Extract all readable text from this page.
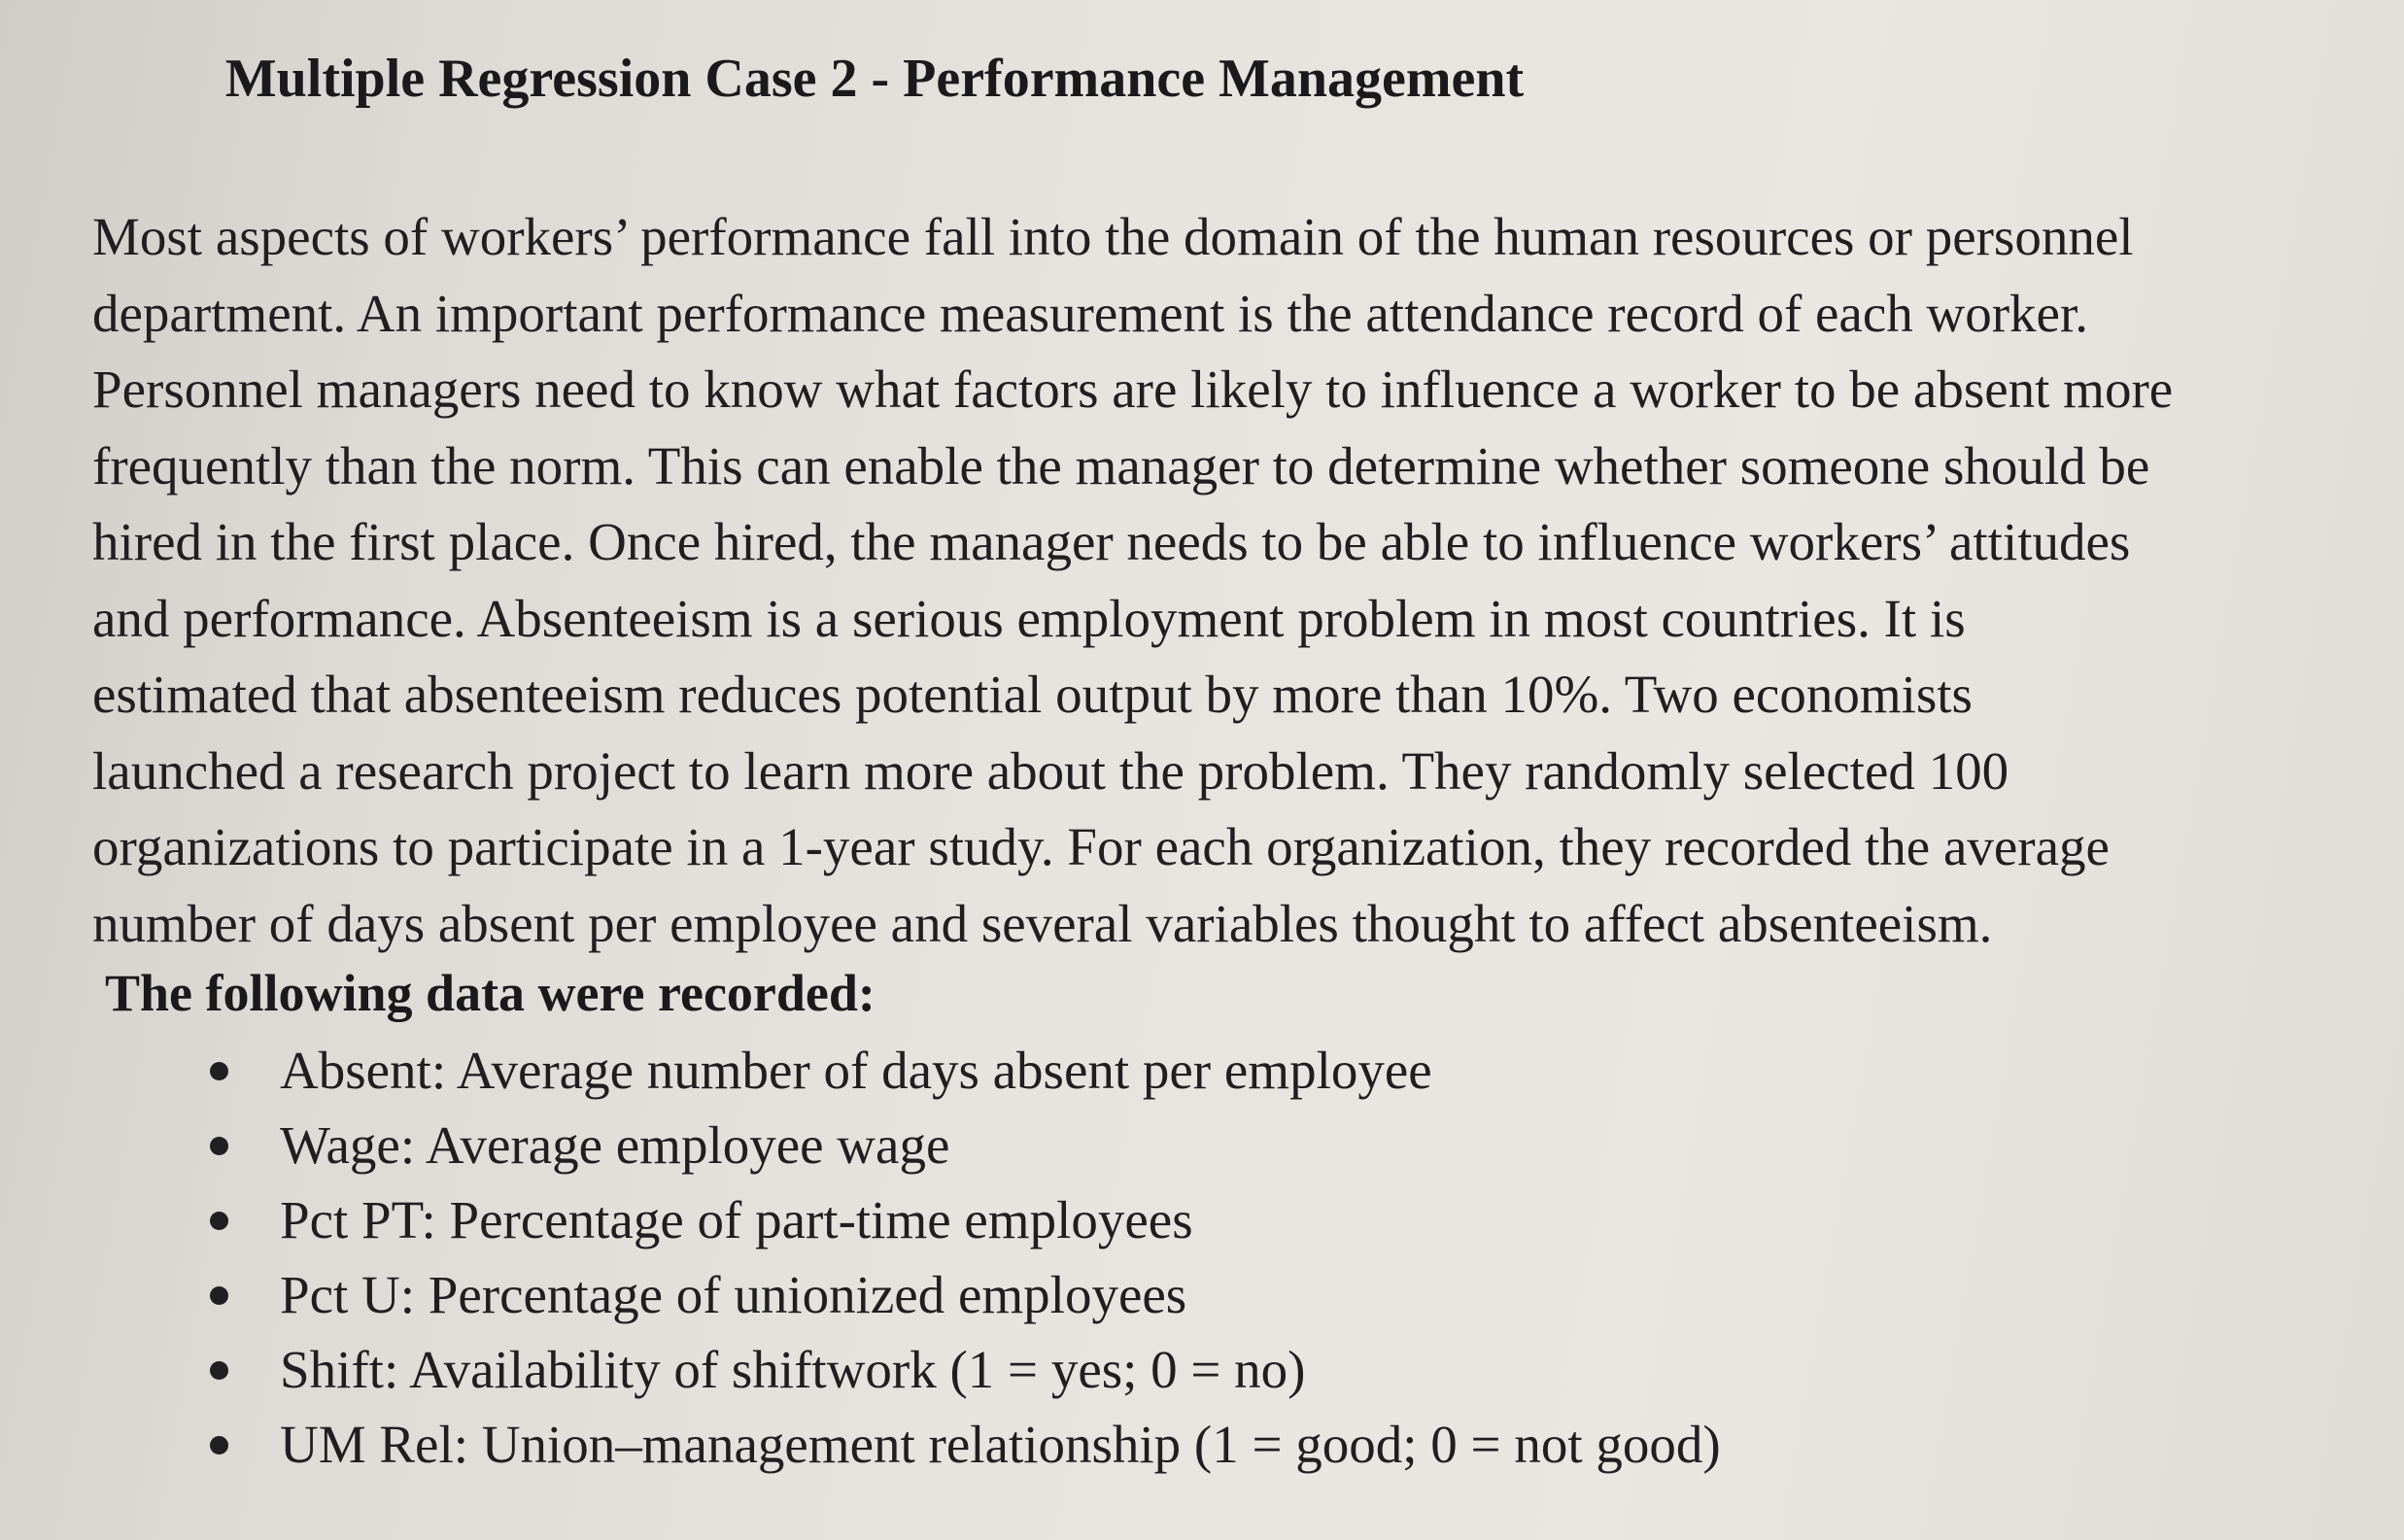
Multiple Regression Case 2 - Performance Management
Most aspects of workers’ performance fall into the domain of the human resources or personnel
department. An important performance measurement is the attendance record of each worker.
Personnel managers need to know what factors are likely to influence a worker to be absent more
frequently than the norm. This can enable the manager to determine whether someone should be
hired in the first place. Once hired, the manager needs to be able to influence workers’ attitudes
and performance. Absenteeism is a serious employment problem in most countries. It is
estimated that absenteeism reduces potential output by more than 10%. Two economists
launched a research project to learn more about the problem. They randomly selected 100
organizations to participate in a 1-year study. For each organization, they recorded the average
number of days absent per employee and several variables thought to affect absenteeism.
The following data were recorded:
Absent: Average number of days absent per employee
Wage: Average employee wage
Pct PT: Percentage of part-time employees
Pct U: Percentage of unionized employees
Shift: Availability of shiftwork (1 = yes; 0 = no)
UM Rel: Union–management relationship (1 = good; 0 = not good)
